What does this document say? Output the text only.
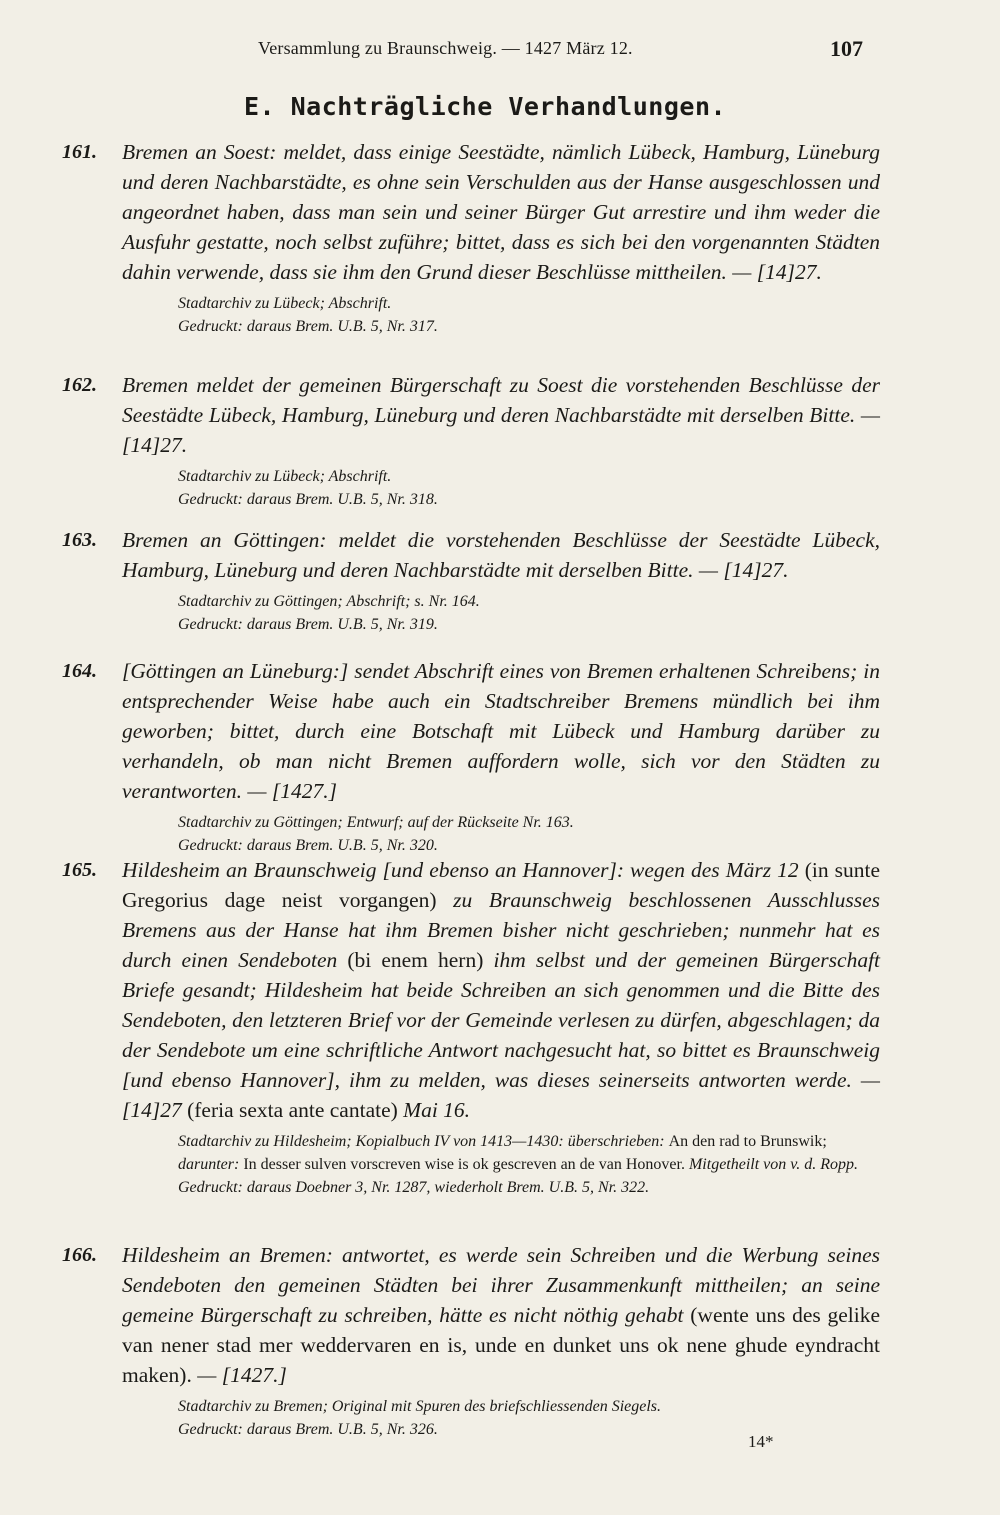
Versammlung zu Braunschweig. — 1427 März 12.	107
E. Nachträgliche Verhandlungen.
161.	Bremen an Soest: meldet, dass einige Seestädte, nämlich Lübeck, Hamburg, Lüneburg und deren Nachbarstädte, es ohne sein Verschulden aus der Hanse ausgeschlossen und angeordnet haben, dass man sein und seiner Bürger Gut arrestire und ihm weder die Ausfuhr gestatte, noch selbst zuführe; bittet, dass es sich bei den vorgenannten Städten dahin verwende, dass sie ihm den Grund dieser Beschlüsse mittheilen. — [14]27.
Stadtarchiv zu Lübeck; Abschrift.
Gedruckt: daraus Brem. U.B. 5, Nr. 317.
162.	Bremen meldet der gemeinen Bürgerschaft zu Soest die vorstehenden Beschlüsse der Seestädte Lübeck, Hamburg, Lüneburg und deren Nachbarstädte mit derselben Bitte. — [14]27.
Stadtarchiv zu Lübeck; Abschrift.
Gedruckt: daraus Brem. U.B. 5, Nr. 318.
163.	Bremen an Göttingen: meldet die vorstehenden Beschlüsse der Seestädte Lübeck, Hamburg, Lüneburg und deren Nachbarstädte mit derselben Bitte. — [14]27.
Stadtarchiv zu Göttingen; Abschrift; s. Nr. 164.
Gedruckt: daraus Brem. U.B. 5, Nr. 319.
164.	[Göttingen an Lüneburg:] sendet Abschrift eines von Bremen erhaltenen Schreibens; in entsprechender Weise habe auch ein Stadtschreiber Bremens mündlich bei ihm geworben; bittet, durch eine Botschaft mit Lübeck und Hamburg darüber zu verhandeln, ob man nicht Bremen auffordern wolle, sich vor den Städten zu verantworten. — [1427.]
Stadtarchiv zu Göttingen; Entwurf; auf der Rückseite Nr. 163.
Gedruckt: daraus Brem. U.B. 5, Nr. 320.
165.	Hildesheim an Braunschweig [und ebenso an Hannover]: wegen des März 12 (in sunte Gregorius dage neist vorgangen) zu Braunschweig beschlossenen Ausschlusses Bremens aus der Hanse hat ihm Bremen bisher nicht geschrieben; nunmehr hat es durch einen Sendeboten (bi enem hern) ihm selbst und der gemeinen Bürgerschaft Briefe gesandt; Hildesheim hat beide Schreiben an sich genommen und die Bitte des Sendeboten, den letzteren Brief vor der Gemeinde verlesen zu dürfen, abgeschlagen; da der Sendebote um eine schriftliche Antwort nachgesucht hat, so bittet es Braunschweig [und ebenso Hannover], ihm zu melden, was dieses seinerseits antworten werde. — [14]27 (feria sexta ante cantate) Mai 16.
Stadtarchiv zu Hildesheim; Kopialbuch IV von 1413—1430: überschrieben: An den rad to Brunswik; darunter: In desser sulven vorscreven wise is ok gescreven an de van Honover. Mitgetheilt von v. d. Ropp.
Gedruckt: daraus Doebner 3, Nr. 1287, wiederholt Brem. U.B. 5, Nr. 322.
166.	Hildesheim an Bremen: antwortet, es werde sein Schreiben und die Werbung seines Sendeboten den gemeinen Städten bei ihrer Zusammenkunft mittheilen; an seine gemeine Bürgerschaft zu schreiben, hätte es nicht nöthig gehabt (wente uns des gelike van nener stad mer weddervaren en is, unde en dunket uns ok nene ghude eyndracht maken). — [1427.]
Stadtarchiv zu Bremen; Original mit Spuren des briefschliessenden Siegels.
Gedruckt: daraus Brem. U.B. 5, Nr. 326.
14*
